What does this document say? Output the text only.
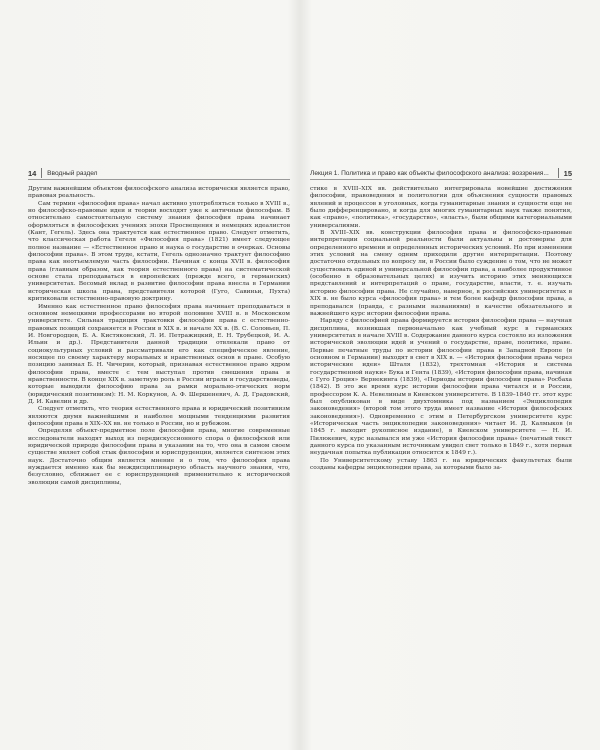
14 Вводный раздел

Другим важнейшим объектом философского анализа исторически является право, правовая реальность.

Сам термин «философия права» начал активно употребляться только в XVIII в., но философско-правовые идеи и теории восходят уже к античным философам. В относительно самостоятельную систему знания философия права начинает оформляться в философских учениях эпохи Просвещения и немецких идеалистов (Кант, Гегель). Здесь она трактуется как естественное право. Следует отметить, что классическая работа Гегеля «Философия права» (1821) имеет следующее полное название — «Естественное право и наука о государстве в очерках. Основы философии права». В этом труде, кстати, Гегель однозначно трактует философию права как неотъемлемую часть философии. Начиная с конца XVII в. философия права (главным образом, как теория естественного права) на систематической основе стала преподаваться в европейских (прежде всего, в германских) университетах. Весомый вклад в развитие философии права внесла в Германии историческая школа права, представители которой (Гуго, Савиньи, Пухта) критиковали естественно-правовую доктрину.

Именно как естественное право философия права начинает преподаваться в основном немецкими профессорами во второй половине XVIII в. в Московском университете. Сильная традиция трактовки философии права с естественно-правовых позиций сохраняется в России в XIX в. и начале XX в. (В. С. Соловьев, П. И. Новгородцев, Б. А. Кистяковский, Л. И. Петражицкий, Е. Н. Трубецкой, И. А. Ильин и др.). Представители данной традиции отвлекали право от социокультурных условий и рассматривали его как специфическое явление, носящее по своему характеру моральных и нравственных основ в праве. Особую позицию занимал Б. Н. Чичерин, который, признавая естественное право ядром философии права, вместе с тем выступал против смешения права и нравственности. В конце XIX в. заметную роль в России играли и государствоведы, которые выводили философию права за рамки морально-этических норм (юридический позитивизм): Н. М. Коркунов, А. Ф. Шершеневич, А. Д. Градовский, Д. И. Кавелин и др.

Следует отметить, что теория естественного права и юридический позитивизм являются двумя важнейшими и наиболее мощными тенденциями развития философии права в XIX–XX вв. не только в России, но и рубежом.

Определяя объект-предметное поле философии права, многие современные исследователи находят выход из передискуссионного спора о философской или юридической природе философии права в указании на то, что она в самом своем существе являет собой стык философии и юриспруденции, является синтезом этих наук. Достаточно общим является мнение и о том, что философия права нуждается именно как бы междисциплинарную область научного знания, что, безусловно, сближает ее с юриспруденцией применительно к исторической эволюции самой дисциплины,

Лекция 1. Политика и право как объекты философского анализа: воззрения... 15

стике в XVIII–XIX вв. действительно интегрировала новейшие достижения философии, правоведения и политологии для объяснения сущности правовых явлений и процессов в уголовных, когда гуманитарные знания и сущности еще не было дифференцировано, и когда для многих гуманитарных наук также понятия, как «право», «политика», «государство», «власть», были общими категориальными универсалиями.

В XVIII–XIX вв. конструкции философия права и философско-правовые интерпретации социальной реальности были актуальны и достоверны для определенного времени и определенных исторических условий. Но при изменении этих условий на смену одним приходили другие интерпретации. Поэтому достаточно отдельных по вопросу ли, в России было суждение о том, что не может существовать единой и универсальной философии права, а наиболее продуктивное (особенно в образовательных целях) и изучить историю этих меняющихся представлений и интерпретаций о праве, государстве, власти, т. е. изучать историю философии права. Не случайно, наверное, в российских университетах в XIX в. не было курса «философия права» и тем более кафедр философии права, а преподавался (правда, с разными названиями) в качестве обязательного и важнейшего курс истории философии права.

Наряду с философией права формируется история философии права — научная дисциплина, возникшая первоначально как учебный курс в германских университетах в начале XVIII в. Содержание данного курса состояло из изложения исторической эволюции идей и учений о государстве, праве, политике, праве. Первые печатные труды по истории философии права в Западной Европе (в основном в Германии) выходят в свет в XIX в. — «История философии права через исторические идеи» Шталя (1832), трехтомная «История и система государственной науки» Бука и Гента (1839), «История философии права, начиная с Гуго Гроция» Вернекинга (1839), «Периоды истории философии права» Росбаха (1842). В это же время курс истории философии права читался и в России, профессором К. А. Невелиным в Киевском университете. В 1839–1840 гг. этот курс был опубликован в виде двухтомника под названием «Энциклопедия законоведения» (второй том этого труда имеет название «История философских законоведения»). Одновременно с этим в Петербургском университете курс «Историческая часть энциклопедии законоведения» читает И. Д. Калмыков (в 1845 г. выходит рукописное издание), в Киевском университете — Н. И. Пилюкевич, курс назывался им уже «История философии права» (печатный текст данного курса по указанным источникам увидел свет только в 1849 г., хотя первая неудачная попытка публикации относится к 1849 г.).

По Университетскому уставу 1863 г. на юридических факультетах были созданы кафедры энциклопедии права, за которыми было за-
